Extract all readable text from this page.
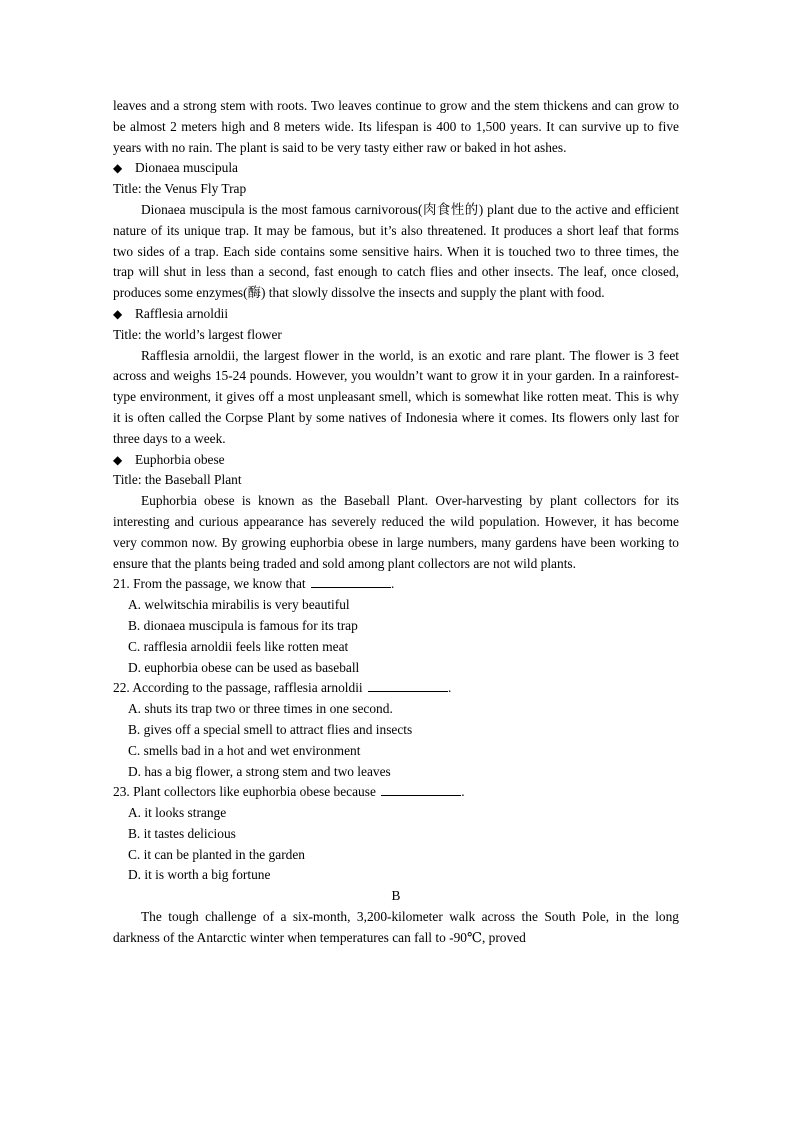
leaves and a strong stem with roots. Two leaves continue to grow and the stem thickens and can grow to be almost 2 meters high and 8 meters wide. Its lifespan is 400 to 1,500 years. It can survive up to five years with no rain. The plant is said to be very tasty either raw or baked in hot ashes.

◆ Dionaea muscipula

Title: the Venus Fly Trap

Dionaea muscipula is the most famous carnivorous(肉食性的) plant due to the active and efficient nature of its unique trap. It may be famous, but it’s also threatened. It produces a short leaf that forms two sides of a trap. Each side contains some sensitive hairs. When it is touched two to three times, the trap will shut in less than a second, fast enough to catch flies and other insects. The leaf, once closed, produces some enzymes(酶) that slowly dissolve the insects and supply the plant with food.

◆ Rafflesia arnoldii

Title: the world’s largest flower

Rafflesia arnoldii, the largest flower in the world, is an exotic and rare plant. The flower is 3 feet across and weighs 15-24 pounds. However, you wouldn’t want to grow it in your garden. In a rainforest-type environment, it gives off a most unpleasant smell, which is somewhat like rotten meat. This is why it is often called the Corpse Plant by some natives of Indonesia where it comes. Its flowers only last for three days to a week.

◆ Euphorbia obese

Title: the Baseball Plant

Euphorbia obese is known as the Baseball Plant. Over-harvesting by plant collectors for its interesting and curious appearance has severely reduced the wild population. However, it has become very common now. By growing euphorbia obese in large numbers, many gardens have been working to ensure that the plants being traded and sold among plant collectors are not wild plants.

21. From the passage, we know that	.

A. welwitschia mirabilis is very beautiful

B. dionaea muscipula is famous for its trap

C. rafflesia arnoldii feels like rotten meat

D. euphorbia obese can be used as baseball

22. According to the passage, rafflesia arnoldii	.

A. shuts its trap two or three times in one second.

B. gives off a special smell to attract flies and insects

C. smells bad in a hot and wet environment

D. has a big flower, a strong stem and two leaves

23. Plant collectors like euphorbia obese because	.

A. it looks strange

B. it tastes delicious

C. it can be planted in the garden

D. it is worth a big fortune

B

The tough challenge of a six-month, 3,200-kilometer walk across the South Pole, in the long darkness of the Antarctic winter when temperatures can fall to -90℃, proved
